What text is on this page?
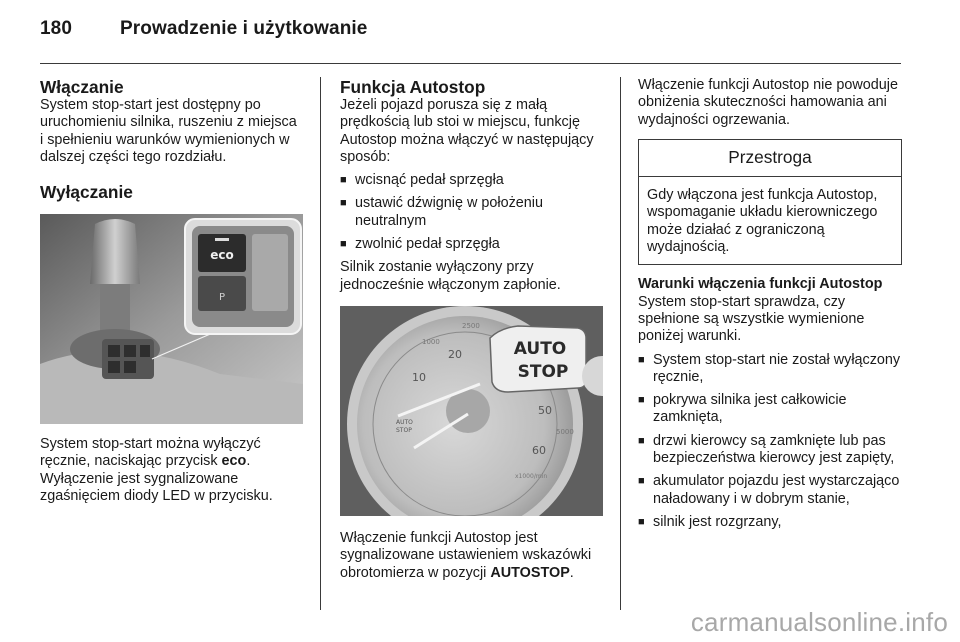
180	Prowadzenie i użytkowanie
Włączanie

System stop-start jest dostępny po uruchomieniu silnika, ruszeniu z miejsca i spełnieniu warunków wymienionych w dalszej części tego rozdziału.

Wyłączanie
eco
P

System stop-start można wyłączyć ręcznie, naciskając przycisk eco. Wyłączenie jest sygnalizowane zgaśnięciem diody LED w przycisku.

Funkcja Autostop

Jeżeli pojazd porusza się z małą prędkością lub stoi w miejscu, funkcję Autostop można włączyć w następujący sposób:

■ wcisnąć pedał sprzęgła
■ ustawić dźwignię w położeniu neutralnym
■ zwolnić pedał sprzęgła

Silnik zostanie wyłączony przy jednocześnie włączonym zapłonie.

10
20
50
60
1000
2500
5000
x1000/min
AUTO
STOP
AUTO
STOP

Włączenie funkcji Autostop jest sygnalizowane ustawieniem wskazówki obrotomierza w pozycji AUTOSTOP.

Włączenie funkcji Autostop nie powoduje obniżenia skuteczności hamowania ani wydajności ogrzewania.

Przestroga
Gdy włączona jest funkcja Autostop, wspomaganie układu kierowniczego może działać z ograniczoną wydajnością.
Warunki włączenia funkcji Autostop

System stop-start sprawdza, czy spełnione są wszystkie wymienione poniżej warunki.

■ System stop-start nie został wyłączony ręcznie,
■ pokrywa silnika jest całkowicie zamknięta,
■ drzwi kierowcy są zamknięte lub pas bezpieczeństwa kierowcy jest zapięty,
■ akumulator pojazdu jest wystarczająco naładowany i w dobrym stanie,
■ silnik jest rozgrzany,
carmanualsonline.info
